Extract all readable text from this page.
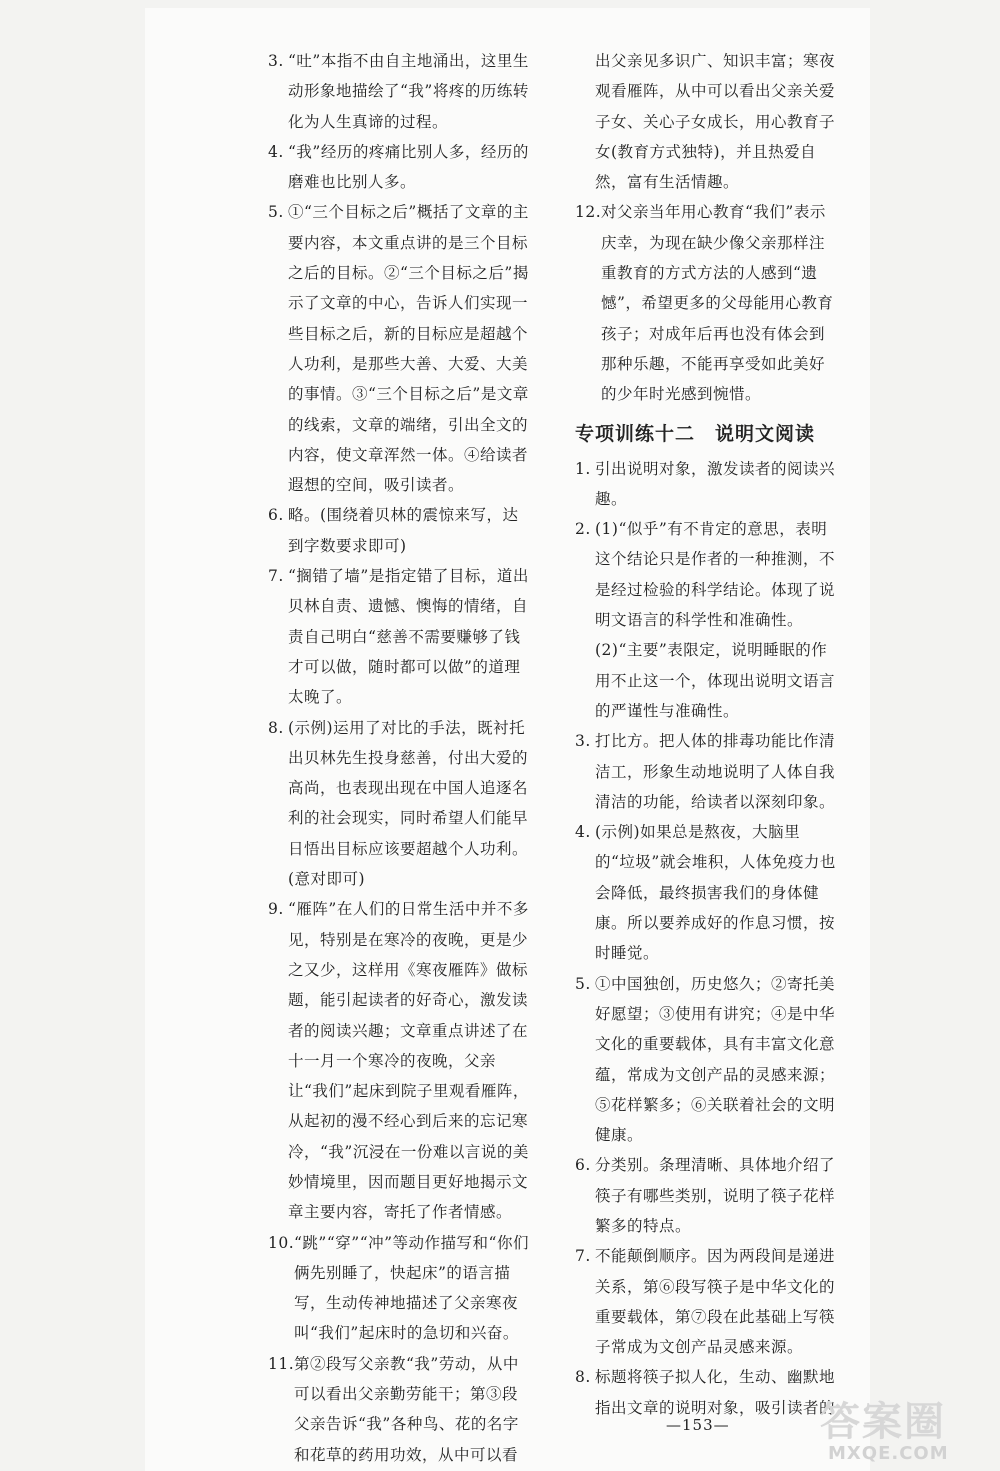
3. “吐”本指不由自主地涌出，这里生动形象地描绘了“我”将疼的历练转化为人生真谛的过程。
4. “我”经历的疼痛比别人多，经历的磨难也比别人多。
5. ①“三个目标之后”概括了文章的主要内容，本文重点讲的是三个目标之后的目标。②“三个目标之后”揭示了文章的中心，告诉人们实现一些目标之后，新的目标应是超越个人功利，是那些大善、大爱、大美的事情。③“三个目标之后”是文章的线索，文章的端绪，引出全文的内容，使文章浑然一体。④给读者遐想的空间，吸引读者。
6. 略。(围绕着贝林的震惊来写，达到字数要求即可)
7. “搁错了墙”是指定错了目标，道出贝林自责、遗憾、懊悔的情绪，自责自己明白“慈善不需要赚够了钱才可以做，随时都可以做”的道理太晚了。
8. (示例)运用了对比的手法，既衬托出贝林先生投身慈善，付出大爱的高尚，也表现出现在中国人追逐名利的社会现实，同时希望人们能早日悟出目标应该要超越个人功利。(意对即可)
9. “雁阵”在人们的日常生活中并不多见，特别是在寒冷的夜晚，更是少之又少，这样用《寒夜雁阵》做标题，能引起读者的好奇心，激发读者的阅读兴趣；文章重点讲述了在十一月一个寒冷的夜晚，父亲让“我们”起床到院子里观看雁阵，从起初的漫不经心到后来的忘记寒冷，“我”沉浸在一份难以言说的美妙情境里，因而题目更好地揭示文章主要内容，寄托了作者情感。
10. “跳”“穿”“冲”等动作描写和“你们俩先别睡了，快起床”的语言描写，生动传神地描述了父亲寒夜叫“我们”起床时的急切和兴奋。
11. 第②段写父亲教“我”劳动，从中可以看出父亲勤劳能干；第③段父亲告诉“我”各种鸟、花的名字和花草的药用功效，从中可以看
出父亲见多识广、知识丰富；寒夜观看雁阵，从中可以看出父亲关爱子女、关心子女成长，用心教育子女(教育方式独特)，并且热爱自然，富有生活情趣。
12. 对父亲当年用心教育“我们”表示庆幸，为现在缺少像父亲那样注重教育的方式方法的人感到“遗憾”，希望更多的父母能用心教育孩子；对成年后再也没有体会到那种乐趣，不能再享受如此美好的少年时光感到惋惜。
专项训练十二　说明文阅读
1. 引出说明对象，激发读者的阅读兴趣。
2. (1)“似乎”有不肯定的意思，表明这个结论只是作者的一种推测，不是经过检验的科学结论。体现了说明文语言的科学性和准确性。
(2)“主要”表限定，说明睡眠的作用不止这一个，体现出说明文语言的严谨性与准确性。
3. 打比方。把人体的排毒功能比作清洁工，形象生动地说明了人体自我清洁的功能，给读者以深刻印象。
4. (示例)如果总是熬夜，大脑里的“垃圾”就会堆积，人体免疫力也会降低，最终损害我们的身体健康。所以要养成好的作息习惯，按时睡觉。
5. ①中国独创，历史悠久；②寄托美好愿望；③使用有讲究；④是中华文化的重要载体，具有丰富文化意蕴，常成为文创产品的灵感来源；⑤花样繁多；⑥关联着社会的文明健康。
6. 分类别。条理清晰、具体地介绍了筷子有哪些类别，说明了筷子花样繁多的特点。
7. 不能颠倒顺序。因为两段间是递进关系，第⑥段写筷子是中华文化的重要载体，第⑦段在此基础上写筷子常成为文创产品灵感来源。
8. 标题将筷子拟人化，生动、幽默地指出文章的说明对象，吸引读者的
—153— 答案圈
MXQE.COM
